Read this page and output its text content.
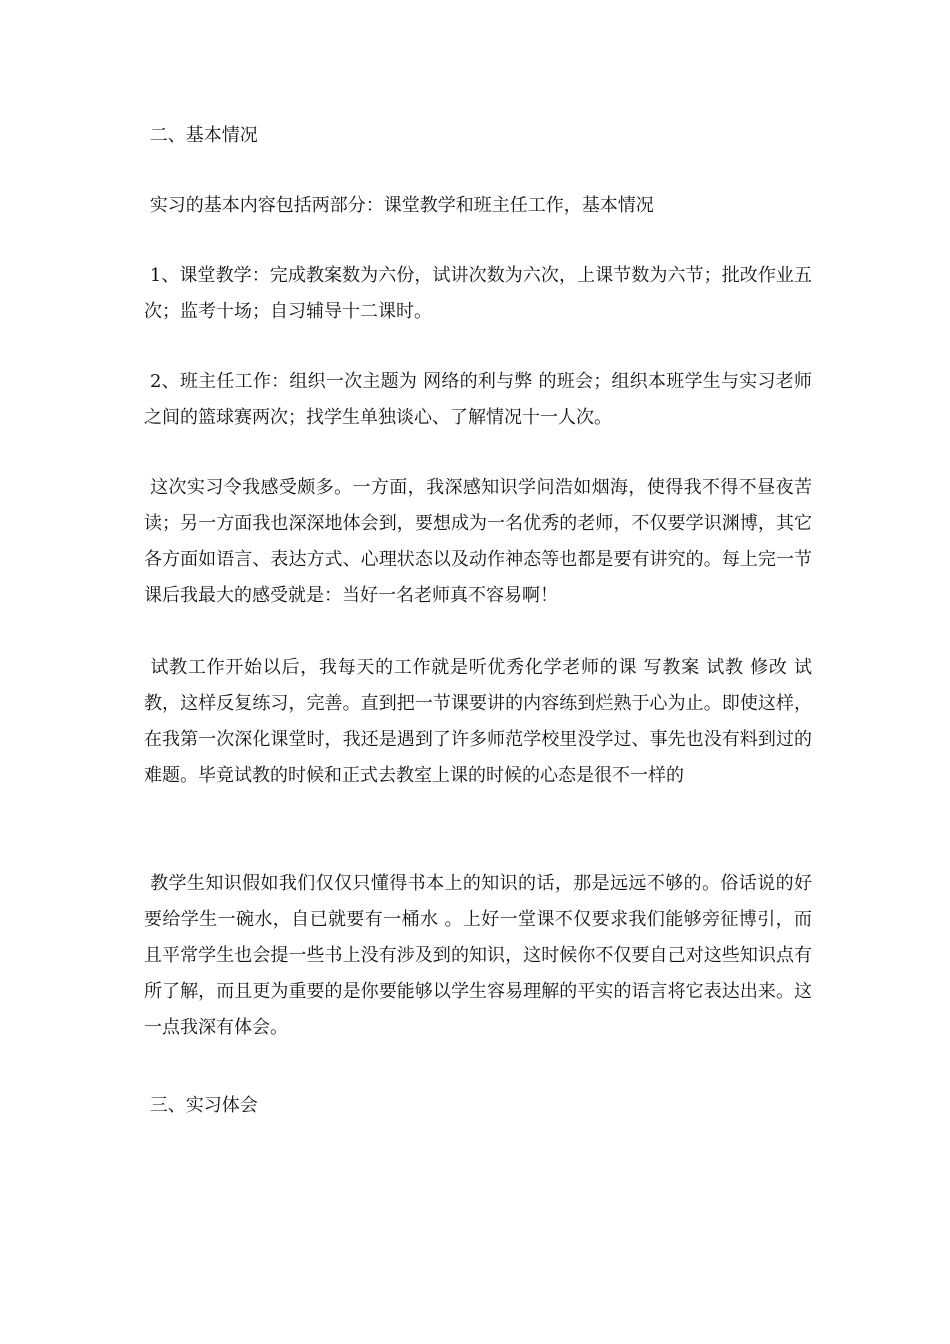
二、基本情况

实习的基本内容包括两部分：课堂教学和班主任工作，基本情况

1、课堂教学：完成教案数为六份，试讲次数为六次，上课节数为六节；批改作业五次；监考十场；自习辅导十二课时。

2、班主任工作：组织一次主题为 网络的利与弊 的班会；组织本班学生与实习老师之间的篮球赛两次；找学生单独谈心、了解情况十一人次。

这次实习令我感受颇多。一方面，我深感知识学问浩如烟海，使得我不得不昼夜苦读；另一方面我也深深地体会到，要想成为一名优秀的老师，不仅要学识渊博，其它各方面如语言、表达方式、心理状态以及动作神态等也都是要有讲究的。每上完一节课后我最大的感受就是：当好一名老师真不容易啊！

试教工作开始以后，我每天的工作就是听优秀化学老师的课 写教案 试教 修改 试教，这样反复练习，完善。直到把一节课要讲的内容练到烂熟于心为止。即使这样，在我第一次深化课堂时，我还是遇到了许多师范学校里没学过、事先也没有料到过的难题。毕竟试教的时候和正式去教室上课的时候的心态是很不一样的

教学生知识假如我们仅仅只懂得书本上的知识的话，那是远远不够的。俗话说的好 要给学生一碗水，自已就要有一桶水 。上好一堂课不仅要求我们能够旁征博引，而且平常学生也会提一些书上没有涉及到的知识，这时候你不仅要自己对这些知识点有所了解，而且更为重要的是你要能够以学生容易理解的平实的语言将它表达出来。这一点我深有体会。

三、实习体会
